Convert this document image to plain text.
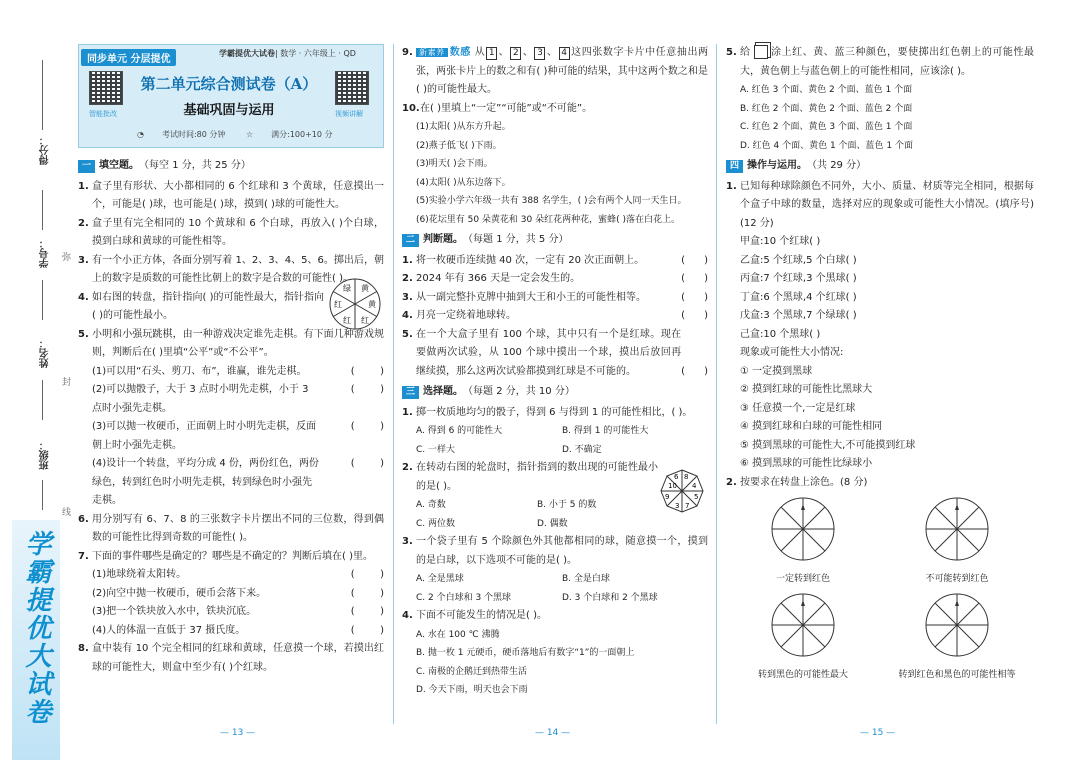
得分：
学号：
姓名：
班级：
弥
封
线
学霸提优大试卷
同步单元 分层提优
学霸提优大试卷| 数学 · 六年级上 · QD
智能批改	视频讲解
第二单元综合测试卷（A）
基础巩固与运用
◔ 考试时间:80 分钟	☆ 满分:100+10 分
一 填空题。 （每空 1 分，共 25 分）
1. 盒子里有形状、大小都相同的 6 个红球和 3 个黄球，任意摸出一个，可能是( )球，也可能是( )球，摸到( )球的可能性大。
2. 盒子里有完全相同的 10 个黄球和 6 个白球，再放入( )个白球，摸到白球和黄球的可能性相等。
3. 有一个小正方体，各面分别写着 1、2、3、4、5、6。掷出后，朝上的数字是质数的可能性比朝上的数字是合数的可能性( )。
4. 如右图的转盘，指针指向( )的可能性最大，指针指向( )的可能性最小。
黄
黄
红
红
红
绿
5. 小明和小强玩跳棋，由一种游戏决定谁先走棋。有下面几种游戏规则，判断后在( )里填“公平”或“不公平”。
(1)可以用“石头、剪刀、布”，谁赢，谁先走棋。	(        )
(2)可以抛骰子，大于 3 点时小明先走棋，小于 3 点时小强先走棋。
(        )
(3)可以抛一枚硬币，正面朝上时小明先走棋，反面朝上时小强先走棋。
(        )
(4)设计一个转盘，平均分成 4 份，两份红色，两份绿色，转到红色时小明先走棋，转到绿色时小强先走棋。
(        )
6. 用分别写有 6、7、8 的三张数字卡片摆出不同的三位数，得到偶数的可能性比得到奇数的可能性( )。
7. 下面的事件哪些是确定的？哪些是不确定的？判断后填在( )里。
(1)地球绕着太阳转。	(        )
(2)向空中抛一枚硬币，硬币会落下来。	(        )
(3)把一个铁块放入水中，铁块沉底。	(        )
(4)人的体温一直低于 37 摄氏度。	(        )
8. 盒中装有 10 个完全相同的红球和黄球，任意摸一个球，若摸出红球的可能性大，则盒中至少有( )个红球。
9. 新素养 数感 从 1 、 2 、 3 、 4 这四张数字卡片中任意抽出两张，两张卡片上的数之和有( )种可能的结果，其中这两个数之和是( )的可能性最大。
10. 在( )里填上“一定”“可能”或“不可能”。
(1)太阳( )从东方升起。
(2)燕子低飞( )下雨。
(3)明天( )会下雨。
(4)太阳( )从东边落下。
(5)实验小学六年级一共有 388 名学生，( )会有两个人同一天生日。
(6)花坛里有 50 朵黄花和 30 朵红花两种花，蜜蜂( )落在白花上。
二 判断题。 （每题 1 分，共 5 分）
1. 将一枚硬币连续抛 40 次，一定有 20 次正面朝上。	(      )
2. 2024 年有 366 天是一定会发生的。	(      )
3. 从一副完整扑克牌中抽到大王和小王的可能性相等。	(      )
4. 月亮一定绕着地球转。	(      )
5. 在一个大盒子里有 100 个球，其中只有一个是红球。现在要做两次试验，从 100 个球中摸出一个球，摸出后放回再继续摸，那么这两次试验都摸到红球是不可能的。	(      )
三 选择题。 （每题 2 分，共 10 分）
1. 掷一枚质地均匀的骰子，得到 6 与得到 1 的可能性相比，( )。
A. 得到 6 的可能性大	B. 得到 1 的可能性大
C. 一样大	D. 不确定
2. 在转动右图的轮盘时，指针指到的数出现的可能性最小的是( )。	10
8
4
5
7
3
9
6
A. 奇数	B. 小于 5 的数
C. 两位数	D. 偶数
3. 一个袋子里有 5 个除颜色外其他都相同的球，随意摸一个，摸到的是白球，以下选项不可能的是( )。
A. 全是黑球	B. 全是白球
C. 2 个白球和 3 个黑球	D. 3 个白球和 2 个黑球
4. 下面不可能发生的情况是( )。
A. 水在 100 ℃ 沸腾
B. 抛一枚 1 元硬币，硬币落地后有数字“1”的一面朝上
C. 南极的企鹅迁到热带生活
D. 今天下雨，明天也会下雨
5. 给 涂上红、黄、蓝三种颜色，要使掷出红色朝上的可能性最大，黄色朝上与蓝色朝上的可能性相同，应该涂( )。
A. 红色 3 个面、黄色 2 个面、蓝色 1 个面
B. 红色 2 个面、黄色 2 个面、蓝色 2 个面
C. 红色 2 个面、黄色 3 个面、蓝色 1 个面
D. 红色 4 个面、黄色 1 个面、蓝色 1 个面
四 操作与运用。 （共 29 分）
1. 已知每种球除颜色不同外，大小、质量、材质等完全相同，根据每个盒子中球的数量，选择对应的现象或可能性大小情况。(填序号)(12 分)
甲盒:10 个红球( )
乙盒:5 个红球,5 个白球( )
丙盒:7 个红球,3 个黑球( )
丁盒:6 个黑球,4 个红球( )
戊盒:3 个黑球,7 个绿球( )
己盒:10 个黑球( )
现象或可能性大小情况:
① 一定摸到黑球
② 摸到红球的可能性比黑球大
③ 任意摸一个,一定是红球
④ 摸到红球和白球的可能性相同
⑤ 摸到黑球的可能性大,不可能摸到红球
⑥ 摸到黑球的可能性比绿球小
2. 按要求在转盘上涂色。(8 分)
一定转到红色	不可能转到红色
转到黑色的可能性最大	转到红色和黑色的可能性相等
— 13 —	— 14 —	— 15 —
